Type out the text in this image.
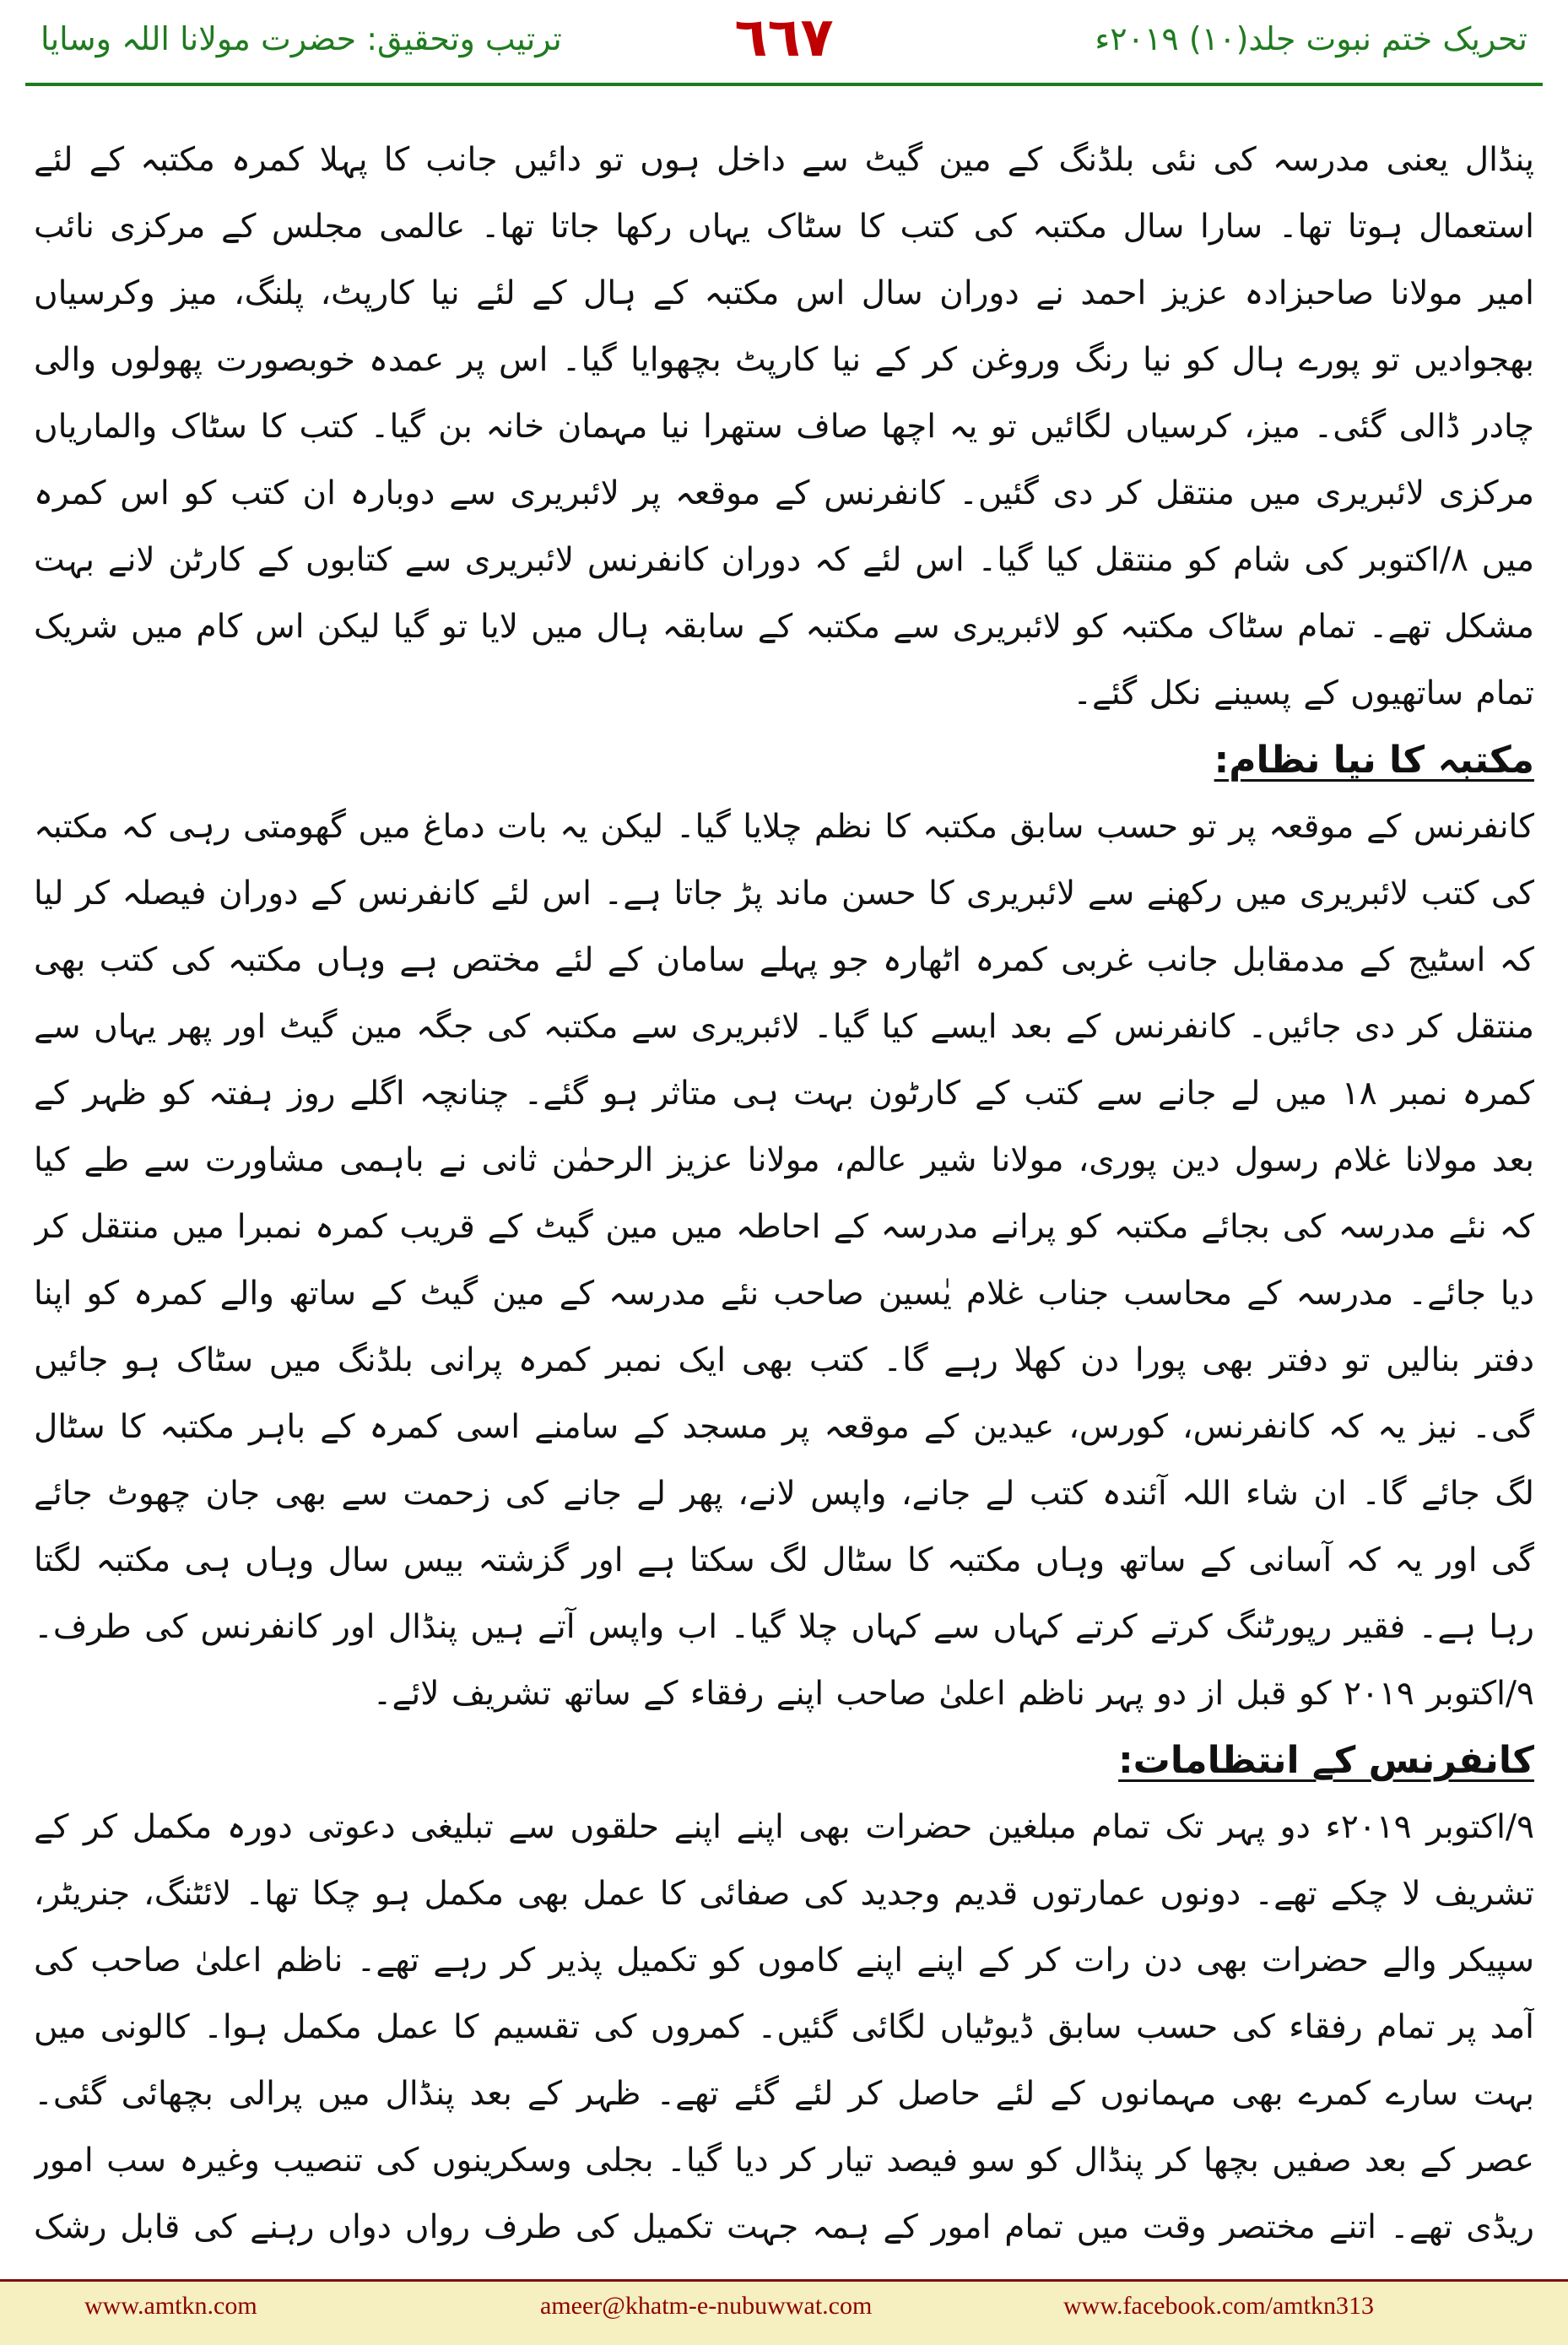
ترتیب وتحقیق: حضرت مولانا اللہ وسایا	٦٦٧	تحریک ختم نبوت جلد(۱۰) ۲۰۱۹ء

پنڈال یعنی مدرسہ کی نئی بلڈنگ کے مین گیٹ سے داخل ہوں تو دائیں جانب کا پہلا کمرہ مکتبہ کے لئے استعمال ہوتا تھا۔ سارا سال مکتبہ کی کتب کا سٹاک یہاں رکھا جاتا تھا۔ عالمی مجلس کے مرکزی نائب امیر مولانا صاحبزادہ عزیز احمد نے دوران سال اس مکتبہ کے ہال کے لئے نیا کارپٹ، پلنگ، میز وکرسیاں بھجوادیں تو پورے ہال کو نیا رنگ وروغن کر کے نیا کارپٹ بچھوایا گیا۔ اس پر عمدہ خوبصورت پھولوں والی چادر ڈالی گئی۔ میز، کرسیاں لگائیں تو یہ اچھا صاف ستھرا نیا مہمان خانہ بن گیا۔ کتب کا سٹاک والماریاں مرکزی لائبریری میں منتقل کر دی گئیں۔ کانفرنس کے موقعہ پر لائبریری سے دوبارہ ان کتب کو اس کمرہ میں ۸/اکتوبر کی شام کو منتقل کیا گیا۔ اس لئے کہ دوران کانفرنس لائبریری سے کتابوں کے کارٹن لانے بہت مشکل تھے۔ تمام سٹاک مکتبہ کو لائبریری سے مکتبہ کے سابقہ ہال میں لایا تو گیا لیکن اس کام میں شریک تمام ساتھیوں کے پسینے نکل گئے۔

مکتبہ کا نیا نظام:

کانفرنس کے موقعہ پر تو حسب سابق مکتبہ کا نظم چلایا گیا۔ لیکن یہ بات دماغ میں گھومتی رہی کہ مکتبہ کی کتب لائبریری میں رکھنے سے لائبریری کا حسن ماند پڑ جاتا ہے۔ اس لئے کانفرنس کے دوران فیصلہ کر لیا کہ اسٹیج کے مدمقابل جانب غربی کمرہ اٹھارہ جو پہلے سامان کے لئے مختص ہے وہاں مکتبہ کی کتب بھی منتقل کر دی جائیں۔ کانفرنس کے بعد ایسے کیا گیا۔ لائبریری سے مکتبہ کی جگہ مین گیٹ اور پھر یہاں سے کمرہ نمبر ۱۸ میں لے جانے سے کتب کے کارٹون بہت ہی متاثر ہو گئے۔ چنانچہ اگلے روز ہفتہ کو ظہر کے بعد مولانا غلام رسول دین پوری، مولانا شیر عالم، مولانا عزیز الرحمٰن ثانی نے باہمی مشاورت سے طے کیا کہ نئے مدرسہ کی بجائے مکتبہ کو پرانے مدرسہ کے احاطہ میں مین گیٹ کے قریب کمرہ نمبرا میں منتقل کر دیا جائے۔ مدرسہ کے محاسب جناب غلام یٰسین صاحب نئے مدرسہ کے مین گیٹ کے ساتھ والے کمرہ کو اپنا دفتر بنالیں تو دفتر بھی پورا دن کھلا رہے گا۔ کتب بھی ایک نمبر کمرہ پرانی بلڈنگ میں سٹاک ہو جائیں گی۔ نیز یہ کہ کانفرنس، کورس، عیدین کے موقعہ پر مسجد کے سامنے اسی کمرہ کے باہر مکتبہ کا سٹال لگ جائے گا۔ ان شاء اللہ آئندہ کتب لے جانے، واپس لانے، پھر لے جانے کی زحمت سے بھی جان چھوٹ جائے گی اور یہ کہ آسانی کے ساتھ وہاں مکتبہ کا سٹال لگ سکتا ہے اور گزشتہ بیس سال وہاں ہی مکتبہ لگتا رہا ہے۔ فقیر رپورٹنگ کرتے کرتے کہاں سے کہاں چلا گیا۔ اب واپس آتے ہیں پنڈال اور کانفرنس کی طرف۔ ۹/اکتوبر ۲۰۱۹ کو قبل از دو پہر ناظم اعلیٰ صاحب اپنے رفقاء کے ساتھ تشریف لائے۔

کانفرنس کے انتظامات:

۹/اکتوبر ۲۰۱۹ء دو پہر تک تمام مبلغین حضرات بھی اپنے اپنے حلقوں سے تبلیغی دعوتی دورہ مکمل کر کے تشریف لا چکے تھے۔ دونوں عمارتوں قدیم وجدید کی صفائی کا عمل بھی مکمل ہو چکا تھا۔ لائٹنگ، جنریٹر، سپیکر والے حضرات بھی دن رات کر کے اپنے اپنے کاموں کو تکمیل پذیر کر رہے تھے۔ ناظم اعلیٰ صاحب کی آمد پر تمام رفقاء کی حسب سابق ڈیوٹیاں لگائی گئیں۔ کمروں کی تقسیم کا عمل مکمل ہوا۔ کالونی میں بہت سارے کمرے بھی مہمانوں کے لئے حاصل کر لئے گئے تھے۔ ظہر کے بعد پنڈال میں پرالی بچھائی گئی۔ عصر کے بعد صفیں بچھا کر پنڈال کو سو فیصد تیار کر دیا گیا۔ بجلی وسکرینوں کی تنصیب وغیرہ سب امور ریڈی تھے۔ اتنے مختصر وقت میں تمام امور کے ہمہ جہت تکمیل کی طرف رواں دواں رہنے کی قابل رشک

www.amtkn.com	ameer@khatm-e-nubuwwat.com	www.facebook.com/amtkn313
